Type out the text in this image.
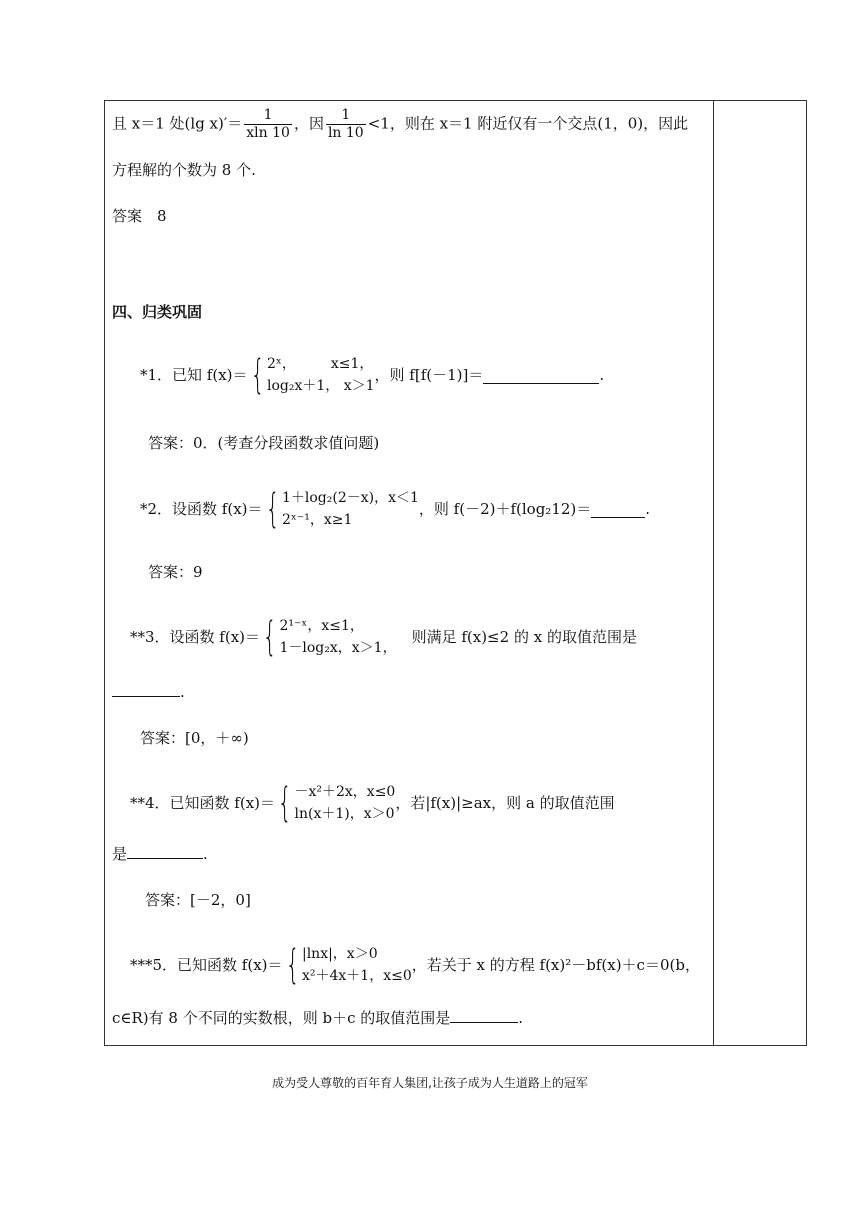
且 x＝1 处(lg $x)'= \frac{1}{xln 10}$ ，因 $\frac{1}{\ln 10} <1$，则在 x＝1 附近仅有一个交点(1，0)，因此
方程解的个数为 8 个.
答案　8
四、归类巩固
*1．已知 f(x)＝ { 2ˣ，　　　x≤1，
log₂x＋1， x＞1
，则 f[f(－1)]＝	.
答案：0．(考查分段函数求值问题)
*2．设函数 f(x)＝ { 1＋log₂(2－x)，x＜1
2ˣ⁻¹，x≥1
，则 f(－2)＋f(log₂12)＝	.
答案：9
**3．设函数 f(x)＝ { 2¹⁻ˣ，x≤1，
1－log₂x，x＞1，
　则满足 f(x)≤2 的 x 的取值范围是
.
答案：[0，＋∞)
**4．已知函数 f(x)＝ { －x²＋2x，x≤0
ln(x＋1)，x＞0
，若|f(x)|≥ax，则 a 的取值范围
是	.
答案：[－2，0]
***5．已知函数 f(x)＝ { |lnx|，x＞0
x²＋4x＋1，x≤0
，若关于 x 的方程 f(x)²－bf(x)＋c＝0(b，
c∈R)有 8 个不同的实数根，则 b＋c 的取值范围是	.
成为受人尊敬的百年育人集团,让孩子成为人生道路上的冠军
